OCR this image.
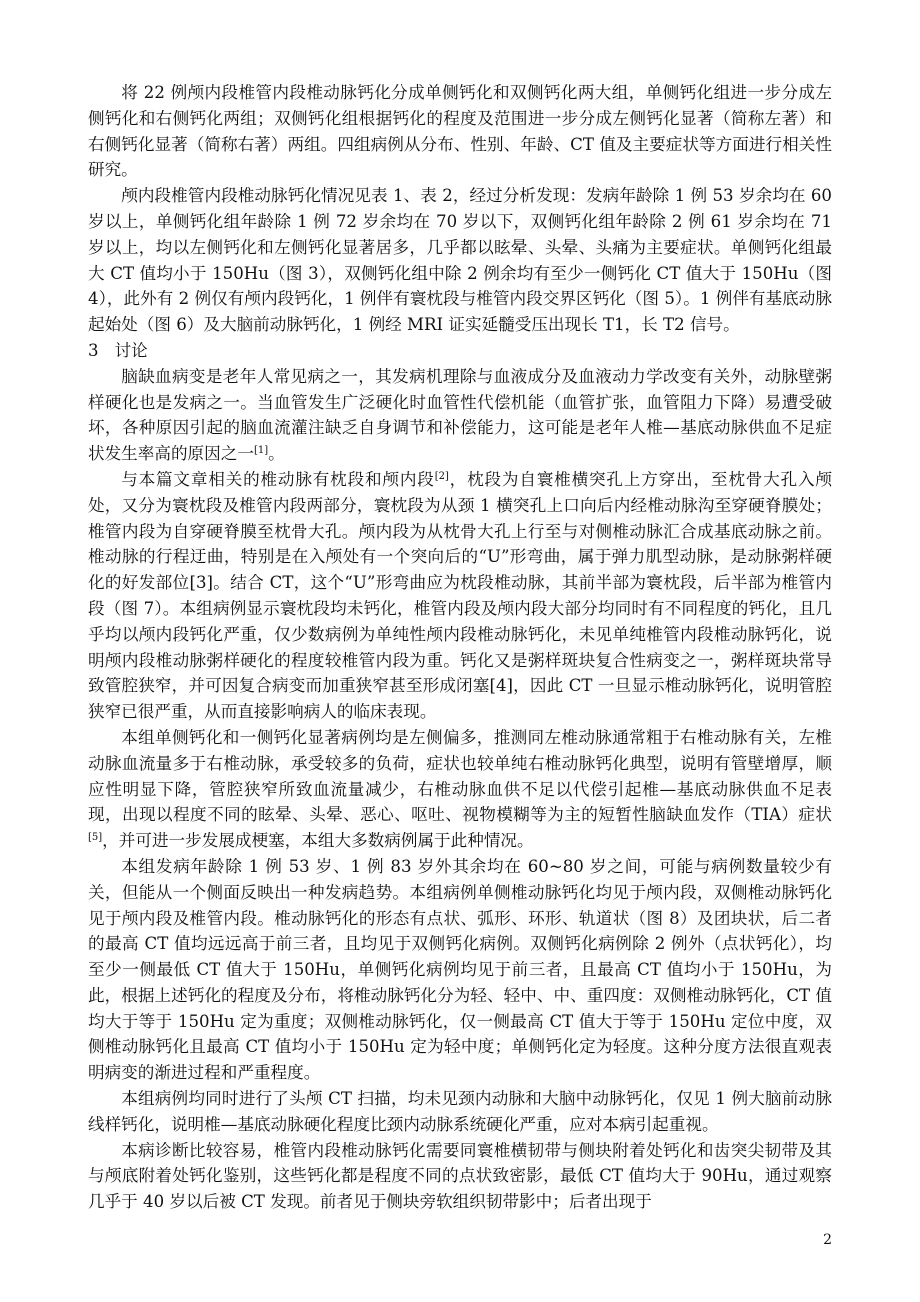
将 22 例颅内段椎管内段椎动脉钙化分成单侧钙化和双侧钙化两大组，单侧钙化组进一步分成左侧钙化和右侧钙化两组；双侧钙化组根据钙化的程度及范围进一步分成左侧钙化显著（简称左著）和右侧钙化显著（简称右著）两组。四组病例从分布、性别、年龄、CT 值及主要症状等方面进行相关性研究。

颅内段椎管内段椎动脉钙化情况见表 1、表 2，经过分析发现：发病年龄除 1 例 53 岁余均在 60 岁以上，单侧钙化组年龄除 1 例 72 岁余均在 70 岁以下，双侧钙化组年龄除 2 例 61 岁余均在 71 岁以上，均以左侧钙化和左侧钙化显著居多，几乎都以眩晕、头晕、头痛为主要症状。单侧钙化组最大 CT 值均小于 150Hu（图 3），双侧钙化组中除 2 例余均有至少一侧钙化 CT 值大于 150Hu（图 4），此外有 2 例仅有颅内段钙化，1 例伴有寰枕段与椎管内段交界区钙化（图 5）。1 例伴有基底动脉起始处（图 6）及大脑前动脉钙化，1 例经 MRI 证实延髓受压出现长 T1，长 T2 信号。

3 讨论

脑缺血病变是老年人常见病之一，其发病机理除与血液成分及血液动力学改变有关外，动脉壁粥样硬化也是发病之一。当血管发生广泛硬化时血管性代偿机能（血管扩张，血管阻力下降）易遭受破坏，各种原因引起的脑血流灌注缺乏自身调节和补偿能力，这可能是老年人椎—基底动脉供血不足症状发生率高的原因之一[1]。

与本篇文章相关的椎动脉有枕段和颅内段[2]，枕段为自寰椎横突孔上方穿出，至枕骨大孔入颅处，又分为寰枕段及椎管内段两部分，寰枕段为从颈 1 横突孔上口向后内经椎动脉沟至穿硬脊膜处；椎管内段为自穿硬脊膜至枕骨大孔。颅内段为从枕骨大孔上行至与对侧椎动脉汇合成基底动脉之前。椎动脉的行程迂曲，特别是在入颅处有一个突向后的“U”形弯曲，属于弹力肌型动脉，是动脉粥样硬化的好发部位[3]。结合 CT，这个“U”形弯曲应为枕段椎动脉，其前半部为寰枕段，后半部为椎管内段（图 7）。本组病例显示寰枕段均未钙化，椎管内段及颅内段大部分均同时有不同程度的钙化，且几乎均以颅内段钙化严重，仅少数病例为单纯性颅内段椎动脉钙化，未见单纯椎管内段椎动脉钙化，说明颅内段椎动脉粥样硬化的程度较椎管内段为重。钙化又是粥样斑块复合性病变之一，粥样斑块常导致管腔狭窄，并可因复合病变而加重狭窄甚至形成闭塞[4]，因此 CT 一旦显示椎动脉钙化，说明管腔狭窄已很严重，从而直接影响病人的临床表现。

本组单侧钙化和一侧钙化显著病例均是左侧偏多，推测同左椎动脉通常粗于右椎动脉有关，左椎动脉血流量多于右椎动脉，承受较多的负荷，症状也较单纯右椎动脉钙化典型，说明有管壁增厚，顺应性明显下降，管腔狭窄所致血流量减少，右椎动脉血供不足以代偿引起椎—基底动脉供血不足表现，出现以程度不同的眩晕、头晕、恶心、呕吐、视物模糊等为主的短暂性脑缺血发作（TIA）症状[5]，并可进一步发展成梗塞，本组大多数病例属于此种情况。

本组发病年龄除 1 例 53 岁、1 例 83 岁外其余均在 60~80 岁之间，可能与病例数量较少有关，但能从一个侧面反映出一种发病趋势。本组病例单侧椎动脉钙化均见于颅内段，双侧椎动脉钙化见于颅内段及椎管内段。椎动脉钙化的形态有点状、弧形、环形、轨道状（图 8）及团块状，后二者的最高 CT 值均远远高于前三者，且均见于双侧钙化病例。双侧钙化病例除 2 例外（点状钙化），均至少一侧最低 CT 值大于 150Hu，单侧钙化病例均见于前三者，且最高 CT 值均小于 150Hu，为此，根据上述钙化的程度及分布，将椎动脉钙化分为轻、轻中、中、重四度：双侧椎动脉钙化，CT 值均大于等于 150Hu 定为重度；双侧椎动脉钙化，仅一侧最高 CT 值大于等于 150Hu 定位中度，双侧椎动脉钙化且最高 CT 值均小于 150Hu 定为轻中度；单侧钙化定为轻度。这种分度方法很直观表明病变的渐进过程和严重程度。

本组病例均同时进行了头颅 CT 扫描，均未见颈内动脉和大脑中动脉钙化，仅见 1 例大脑前动脉线样钙化，说明椎—基底动脉硬化程度比颈内动脉系统硬化严重，应对本病引起重视。

本病诊断比较容易，椎管内段椎动脉钙化需要同寰椎横韧带与侧块附着处钙化和齿突尖韧带及其与颅底附着处钙化鉴别，这些钙化都是程度不同的点状致密影，最低 CT 值均大于 90Hu，通过观察几乎于 40 岁以后被 CT 发现。前者见于侧块旁软组织韧带影中；后者出现于

2
